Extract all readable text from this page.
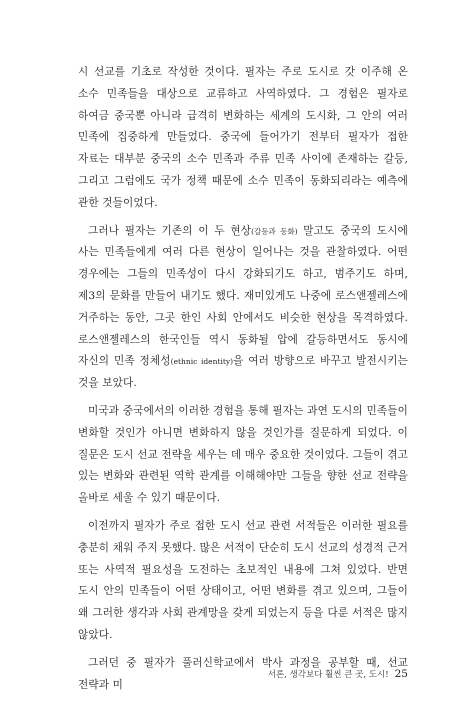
시 선교를 기초로 작성한 것이다. 필자는 주로 도시로 갓 이주해 온 소수 민족들을 대상으로 교류하고 사역하였다. 그 경험은 필자로 하여금 중국뿐 아니라 급격히 변화하는 세계의 도시화, 그 안의 여러 민족에 집중하게 만들었다. 중국에 들어가기 전부터 필자가 접한 자료는 대부분 중국의 소수 민족과 주류 민족 사이에 존재하는 갈등, 그리고 그럼에도 국가 정책 때문에 소수 민족이 동화되리라는 예측에 관한 것들이었다.

그러나 필자는 기존의 이 두 현상(갈등과 동화) 말고도 중국의 도시에 사는 민족들에게 여러 다른 현상이 일어나는 것을 관찰하였다. 어떤 경우에는 그들의 민족성이 다시 강화되기도 하고, 범주기도 하며, 제3의 문화를 만들어 내기도 했다. 재미있게도 나중에 로스앤젤레스에 거주하는 동안, 그곳 한인 사회 안에서도 비슷한 현상을 목격하였다. 로스앤젤레스의 한국인들 역시 동화될 압에 갈등하면서도 동시에 자신의 민족 정체성(ethnic identity)을 여러 방향으로 바꾸고 발전시키는 것을 보았다.

미국과 중국에서의 이러한 경험을 통해 필자는 과연 도시의 민족들이 변화할 것인가 아니면 변화하지 않을 것인가를 질문하게 되었다. 이 질문은 도시 선교 전략을 세우는 데 매우 중요한 것이었다. 그들이 겪고 있는 변화와 관련된 역학 관계를 이해해야만 그들을 향한 선교 전략을 올바로 세울 수 있기 때문이다.

이전까지 필자가 주로 접한 도시 선교 관련 서적들은 이러한 필요를 충분히 채워 주지 못했다. 많은 서적이 단순히 도시 선교의 성경적 근거 또는 사역적 필요성을 도전하는 초보적인 내용에 그쳐 있었다. 반면 도시 안의 민족들이 어떤 상태이고, 어떤 변화를 겪고 있으며, 그들이 왜 그러한 생각과 사회 관계망을 갖게 되었는지 등을 다룬 서적은 많지 않았다.

그러던 중 필자가 풀러신학교에서 박사 과정을 공부할 때, 선교 전략과 미

서론, 생각보다 훨씬 큰 곳, 도시! 25
